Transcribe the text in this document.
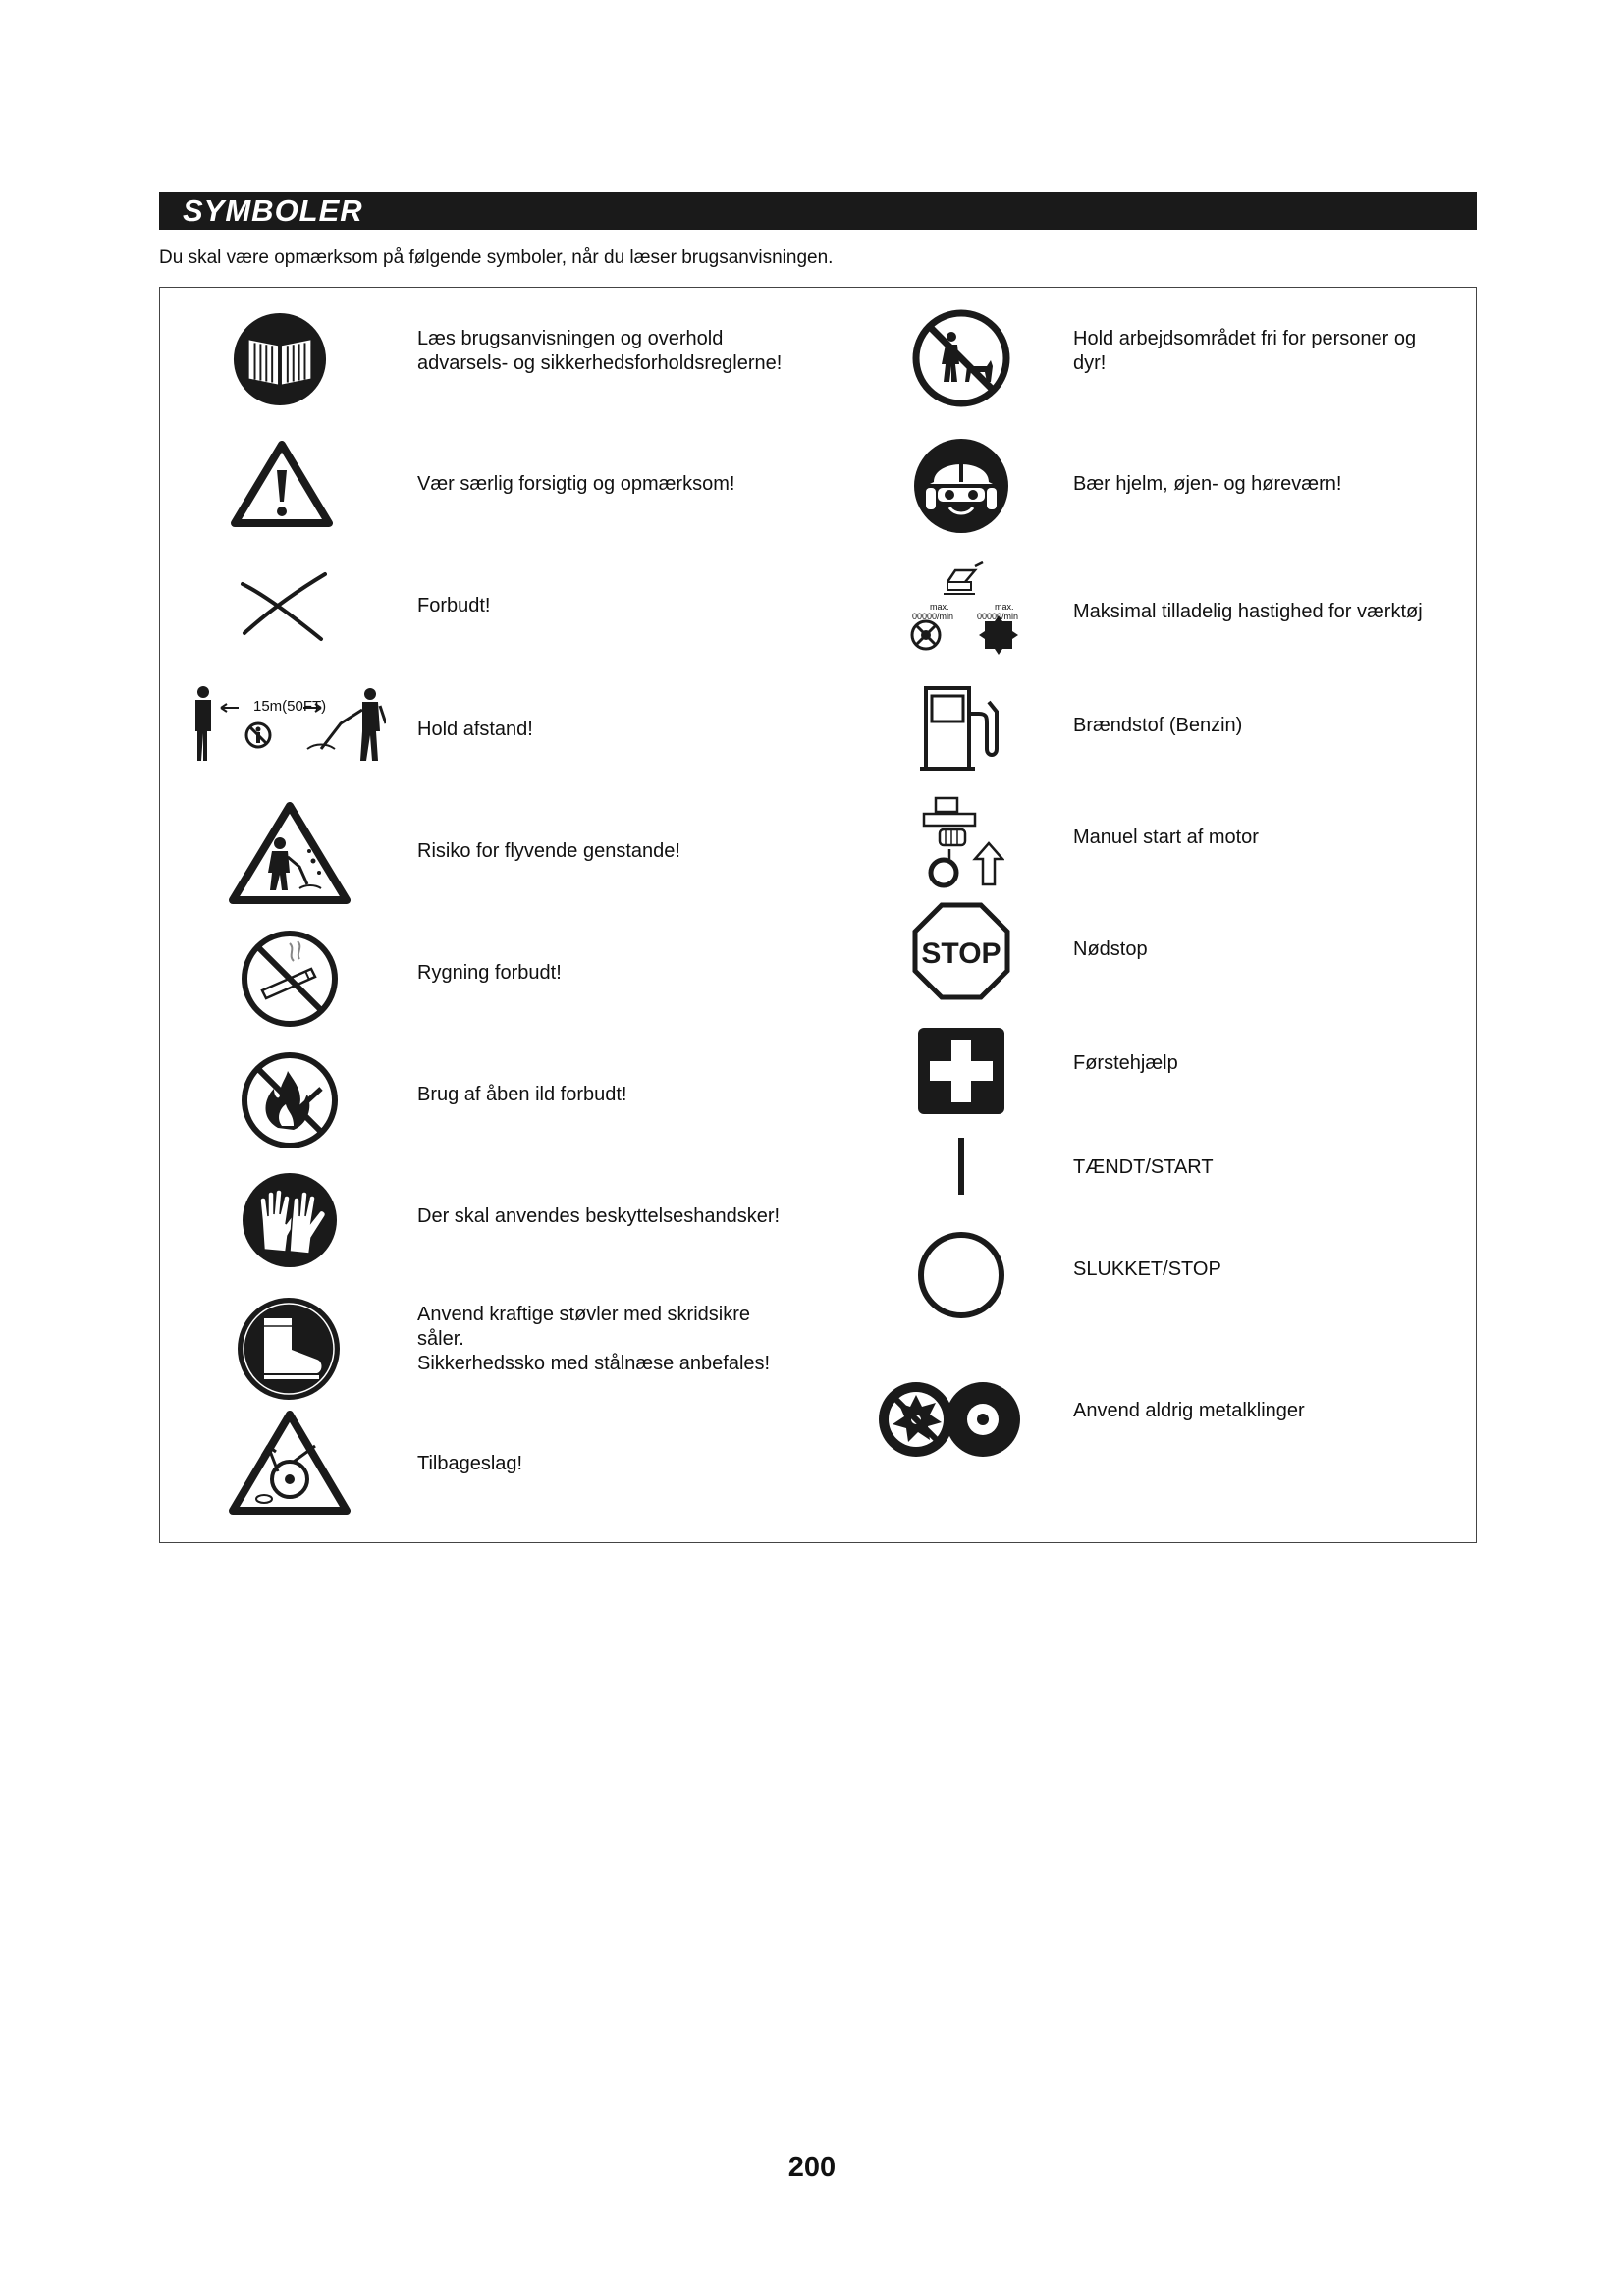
SYMBOLER
Du skal være opmærksom på følgende symboler, når du læser brugsanvisningen.
Læs brugsanvisningen og overhold
advarsels- og sikkerhedsforholdsreglerne!
Vær særlig forsigtig og opmærksom!
Forbudt!
15m(50FT)
Hold afstand!
Risiko for flyvende genstande!
Rygning forbudt!
Brug af åben ild forbudt!
Der skal anvendes beskyttelseshandsker!
Anvend kraftige støvler med skridsikre
såler.
Sikkerhedssko med stålnæse anbefales!
Tilbageslag!
Hold arbejdsområdet fri for personer og
dyr!
Bær hjelm, øjen- og høreværn!
max.
00000/min
max.
00000/min	Maksimal tilladelig hastighed for værktøj
Brændstof (Benzin)
Manuel start af motor
STOP	Nødstop
Førstehjælp
TÆNDT/START
SLUKKET/STOP
Anvend aldrig metalklinger
200
